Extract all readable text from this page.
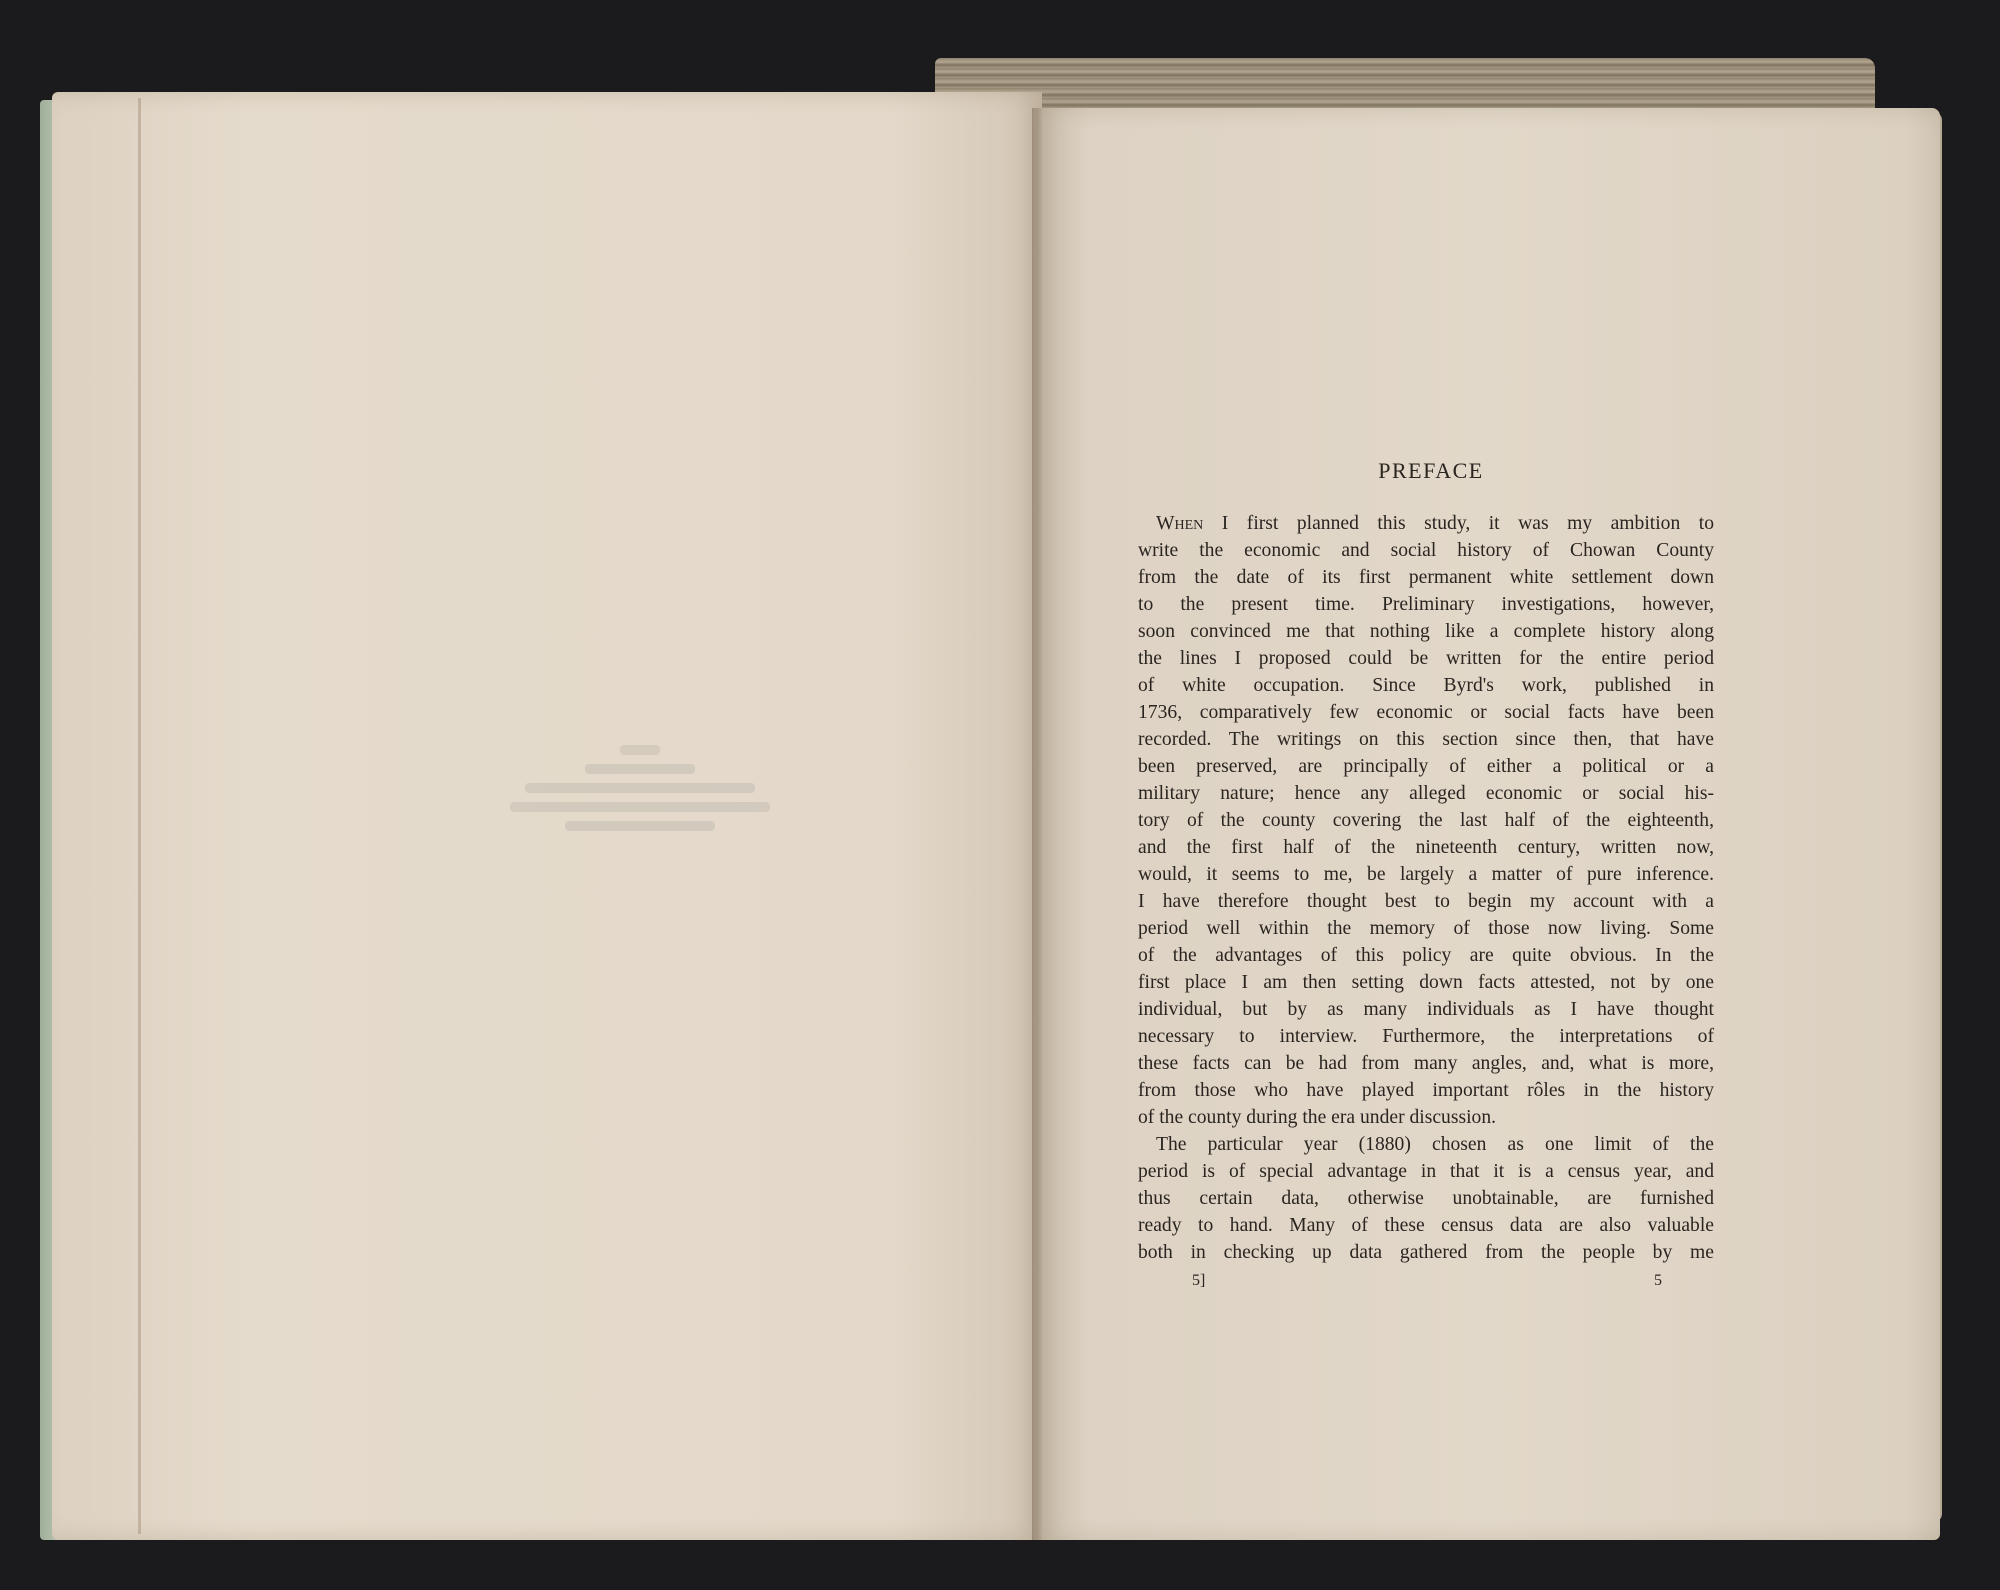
PREFACE

When I first planned this study, it was my ambition to
write the economic and social history of Chowan County
from the date of its first permanent white settlement down
to the present time. Preliminary investigations, however,
soon convinced me that nothing like a complete history along
the lines I proposed could be written for the entire period
of white occupation. Since Byrd's work, published in
1736, comparatively few economic or social facts have been
recorded. The writings on this section since then, that have
been preserved, are principally of either a political or a
military nature; hence any alleged economic or social his-
tory of the county covering the last half of the eighteenth,
and the first half of the nineteenth century, written now,
would, it seems to me, be largely a matter of pure inference.
I have therefore thought best to begin my account with a
period well within the memory of those now living. Some
of the advantages of this policy are quite obvious. In the
first place I am then setting down facts attested, not by one
individual, but by as many individuals as I have thought
necessary to interview. Furthermore, the interpretations of
these facts can be had from many angles, and, what is more,
from those who have played important rôles in the history
of the county during the era under discussion.

The particular year (1880) chosen as one limit of the
period is of special advantage in that it is a census year, and
thus certain data, otherwise unobtainable, are furnished
ready to hand. Many of these census data are also valuable
both in checking up data gathered from the people by me

5]	5
